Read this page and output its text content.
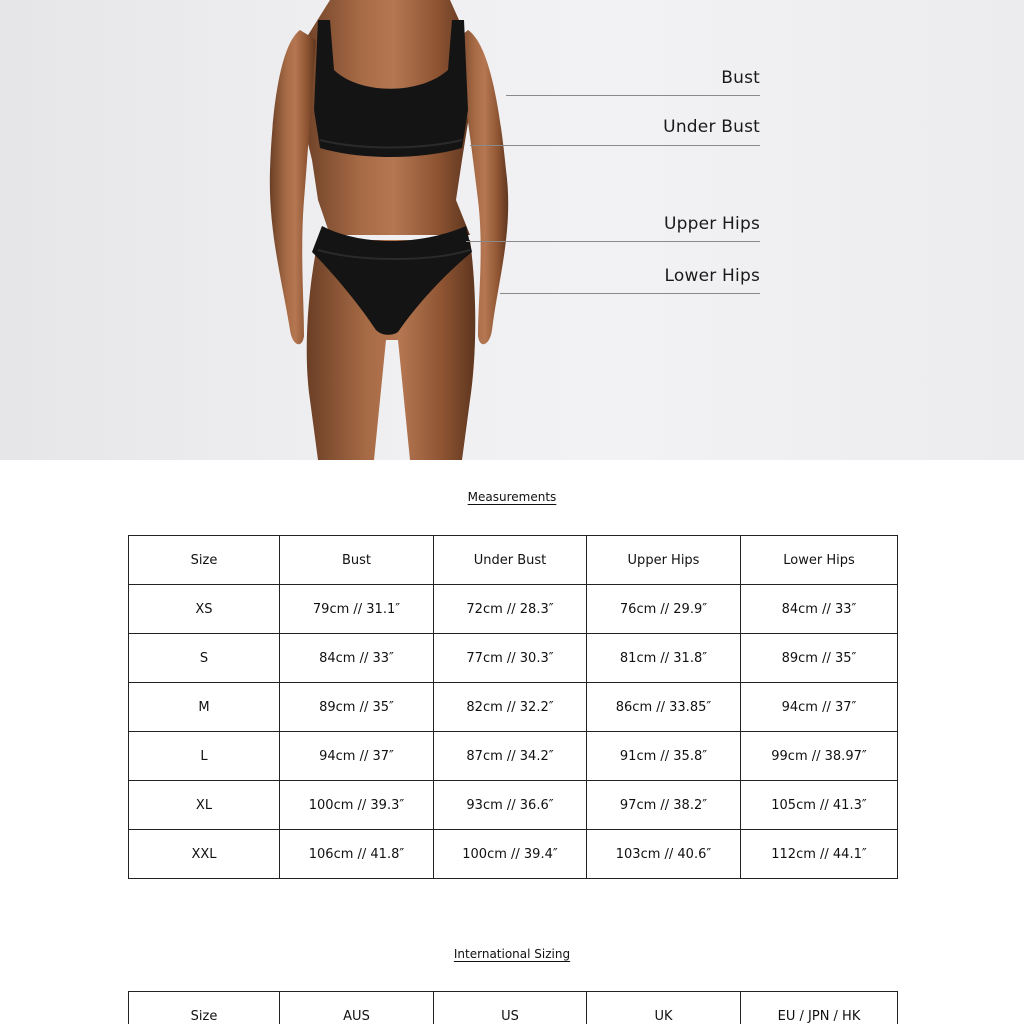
Bust
Under Bust
Upper Hips
Lower Hips
Measurements
Size	Bust	Under Bust	Upper Hips	Lower Hips
XS	79cm // 31.1″	72cm // 28.3″	76cm // 29.9″	84cm // 33″
S	84cm // 33″	77cm // 30.3″	81cm // 31.8″	89cm // 35″
M	89cm // 35″	82cm // 32.2″	86cm // 33.85″	94cm // 37″
L	94cm // 37″	87cm // 34.2″	91cm // 35.8″	99cm // 38.97″
XL	100cm // 39.3″	93cm // 36.6″	97cm // 38.2″	105cm // 41.3″
XXL	106cm // 41.8″	100cm // 39.4″	103cm // 40.6″	112cm // 44.1″
International Sizing
Size	AUS	US	UK	EU / JPN / HK
